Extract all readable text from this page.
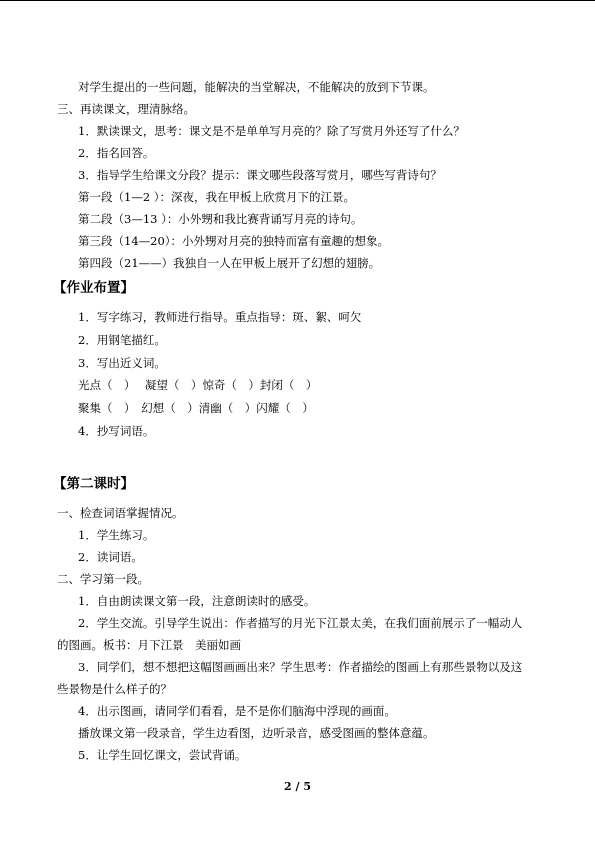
对学生提出的一些问题，能解决的当堂解决，不能解决的放到下节课。
三、再读课文，理清脉络。
1．默读课文，思考：课文是不是单单写月亮的？除了写赏月外还写了什么？
2．指名回答。
3．指导学生给课文分段？提示：课文哪些段落写赏月，哪些写背诗句？
第一段（1—2 ）：深夜，我在甲板上欣赏月下的江景。
第二段（3—13 ）：小外甥和我比赛背诵写月亮的诗句。
第三段（14—20）：小外甥对月亮的独特而富有童趣的想象。
第四段（21——）我独自一人在甲板上展开了幻想的翅膀。
【作业布置】
1．写字练习，教师进行指导。重点指导：斑、絮、呵欠
2．用钢笔描红。
3．写出近义词。
光点（　）　 凝望（　）惊奇（　）封闭（　）
聚集（　）　幻想（　）清幽（　）闪耀（　）
4．抄写词语。
【第二课时】
一、检查词语掌握情况。
1．学生练习。
2．读词语。
二、学习第一段。
1．自由朗读课文第一段，注意朗读时的感受。
2．学生交流。引导学生说出：作者描写的月光下江景太美，在我们面前展示了一幅动人
的图画。板书：月下江景　美丽如画
3．同学们，想不想把这幅图画画出来？学生思考：作者描绘的图画上有那些景物以及这
些景物是什么样子的？
4．出示图画，请同学们看看，是不是你们脑海中浮现的画面。
播放课文第一段录音，学生边看图，边听录音，感受图画的整体意蕴。
5．让学生回忆课文，尝试背诵。
2 / 5
